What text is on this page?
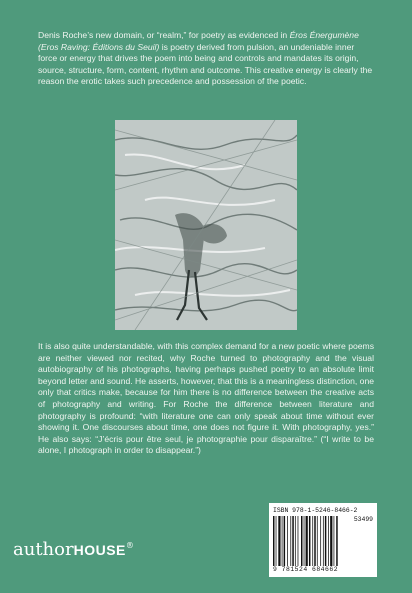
Denis Roche’s new domain, or “realm,” for poetry as evidenced in Éros Énergumène (Eros Raving: Éditions du Seuil) is poetry derived from pulsion, an undeniable inner force or energy that drives the poem into being and controls and mandates its origin, source, structure, form, content, rhythm and outcome. This creative energy is clearly the reason the erotic takes such precedence and possession of the poetic.

It is also quite understandable, with this complex demand for a new poetic where poems are neither viewed nor recited, why Roche turned to photography and the visual autobiography of his photographs, having perhaps pushed poetry to an absolute limit beyond letter and sound. He asserts, however, that this is a meaningless distinction, one only that critics make, because for him there is no difference between the creative acts of photography and writing. For Roche the difference between literature and photography is profound: “with literature one can only speak about time without ever showing it. One discourses about time, one does not figure it. With photography, yes.” He also says: “J’écris pour être seul, je photographie pour disparaître.” (“I write to be alone, I photograph in order to disappear.”)

ISBN 978-1-5246-8466-2
53499
9 781524 684662
authorHOUSE®
